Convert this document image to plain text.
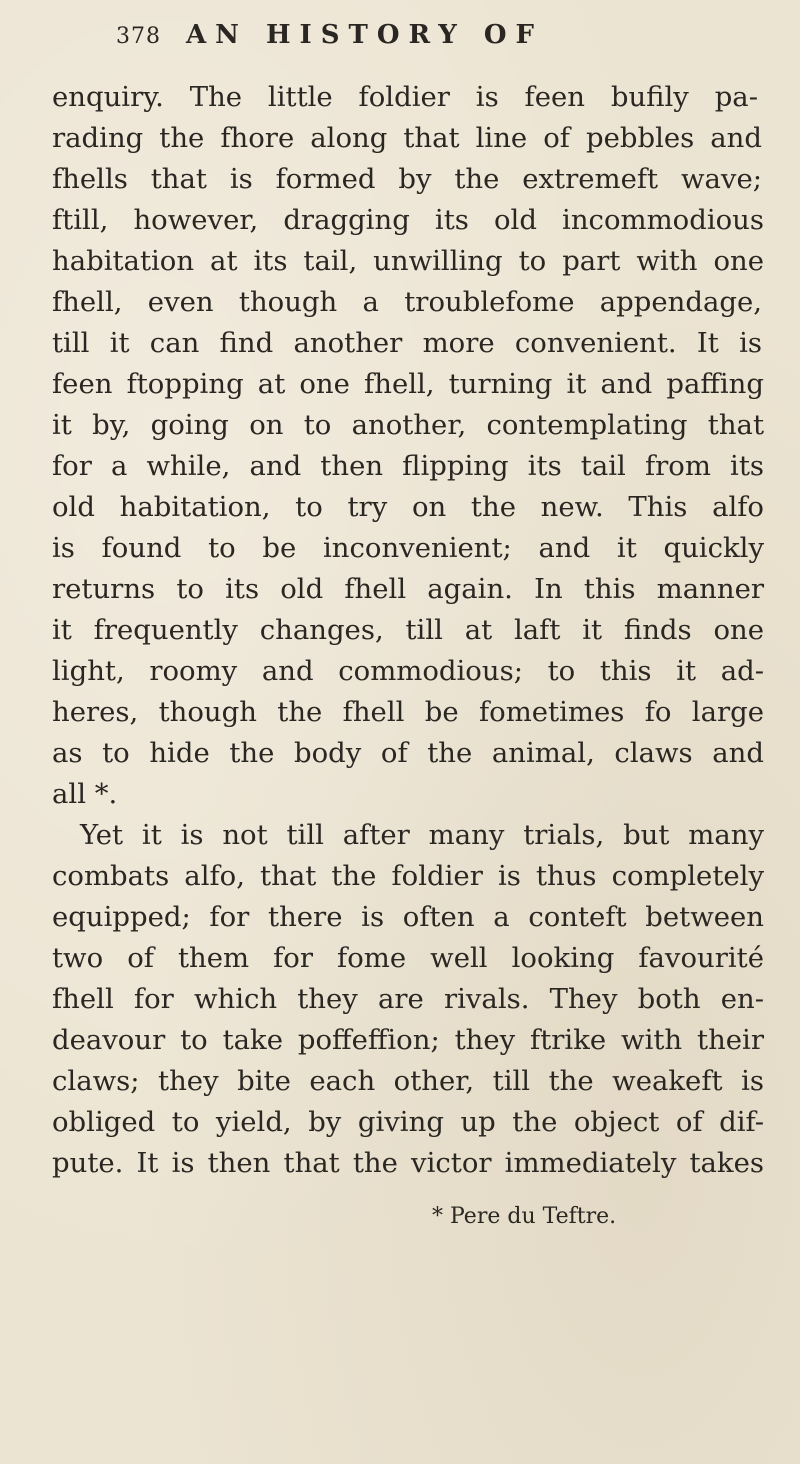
378 AN HISTORY OF
enquiry. The little foldier is feen bufily pa-
rading the fhore along that line of pebbles and
fhells that is formed by the extremeft wave;
ftill, however, dragging its old incommodious
habitation at its tail, unwilling to part with one
fhell, even though a troublefome appendage,
till it can find another more convenient. It is
feen ftopping at one fhell, turning it and paffing
it by, going on to another, contemplating that
for a while, and then flipping its tail from its
old habitation, to try on the new. This alfo
is found to be inconvenient; and it quickly
returns to its old fhell again. In this manner
it frequently changes, till at laft it finds one
light, roomy and commodious; to this it ad-
heres, though the fhell be fometimes fo large
as to hide the body of the animal, claws and
all *.
Yet it is not till after many trials, but many
combats alfo, that the foldier is thus completely
equipped; for there is often a conteft between
two of them for fome well looking favourité
fhell for which they are rivals. They both en-
deavour to take poffeffion; they ftrike with their
claws; they bite each other, till the weakeft is
obliged to yield, by giving up the object of dif-
pute. It is then that the victor immediately takes
* Pere du Teftre.
